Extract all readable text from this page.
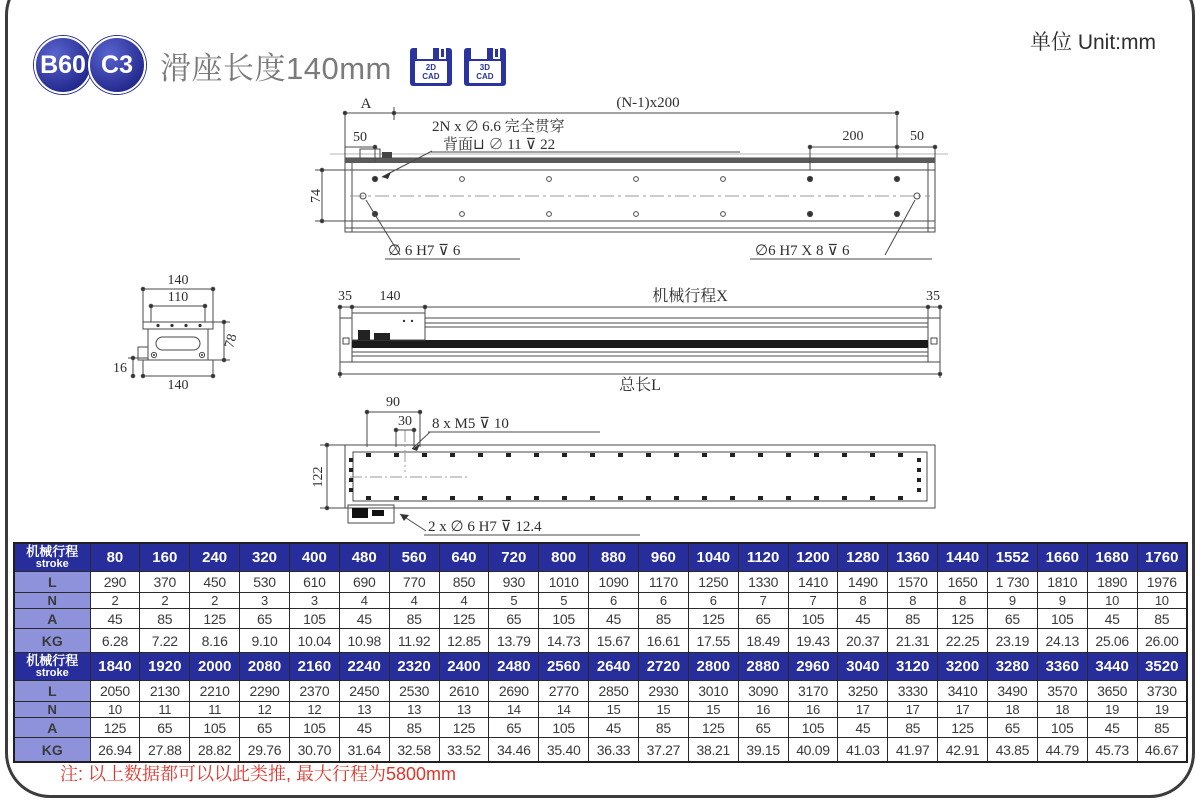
B60 C3 滑座长度140mm	2D
CAD
3D
CAD
单位 Unit:mm
A	(N-1)x200
50	200	50
74
2N x ∅ 6.6 完全贯穿
背面⊔ ∅ 11 ⊽ 22
∅ 6 H7 ⊽ 6	∅6 H7 X 8 ⊽ 6
140
110
78
16
140
35 140	机械行程X	35
总长L
90
30 8 x M5 ⊽ 10
122
2 x ∅ 6 H7 ⊽ 12.4
机械行程
stroke	80	160	240	320	400	480	560	640	720	800	880	960	1040	1120	1200	1280	1360	1440	1552	1660	1680	1760
L	290	370	450	530	610	690	770	850	930	1010	1090	1170	1250	1330	1410	1490	1570	1650	1 730	1810	1890	1976
N	2	2	2	3	3	4	4	4	5	5	6	6	6	7	7	8	8	8	9	9	10	10
A	45	85	125	65	105	45	85	125	65	105	45	85	125	65	105	45	85	125	65	105	45	85
KG	6.28	7.22	8.16	9.10	10.04	10.98	11.92	12.85	13.79	14.73	15.67	16.61	17.55	18.49	19.43	20.37	21.31	22.25	23.19	24.13	25.06	26.00

机械行程
stroke	1840	1920	2000	2080	2160	2240	2320	2400	2480	2560	2640	2720	2800	2880	2960	3040	3120	3200	3280	3360	3440	3520
L	2050	2130	2210	2290	2370	2450	2530	2610	2690	2770	2850	2930	3010	3090	3170	3250	3330	3410	3490	3570	3650	3730
N	10	11	11	12	12	13	13	13	14	14	15	15	15	16	16	17	17	17	18	18	19	19
A	125	65	105	65	105	45	85	125	65	105	45	85	125	65	105	45	85	125	65	105	45	85
KG	26.94	27.88	28.82	29.76	30.70	31.64	32.58	33.52	34.46	35.40	36.33	37.27	38.21	39.15	40.09	41.03	41.97	42.91	43.85	44.79	45.73	46.67
注: 以上数据都可以以此类推, 最大行程为5800mm
